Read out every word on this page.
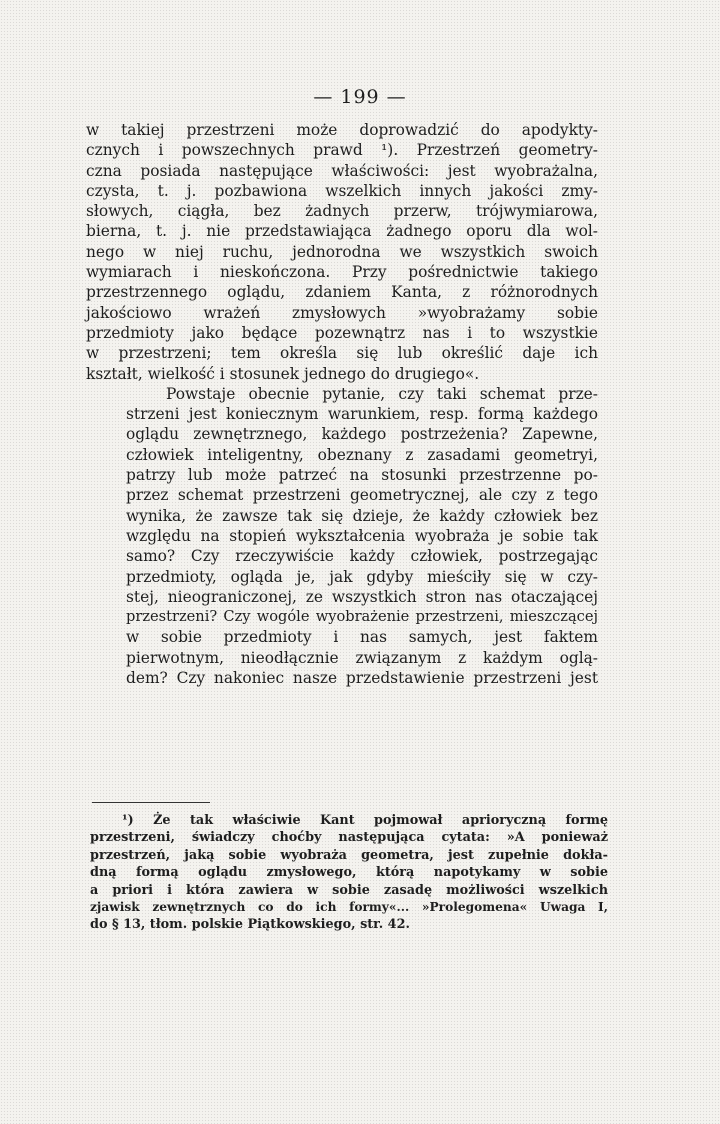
— 199 —

w takiej przestrzeni może doprowadzić do apodykty-
cznych i powszechnych prawd ¹). Przestrzeń geometry-
czna posiada następujące właściwości: jest wyobrażalna,
czysta, t. j. pozbawiona wszelkich innych jakości zmy-
słowych, ciągła, bez żadnych przerw, trójwymiarowa,
bierna, t. j. nie przedstawiająca żadnego oporu dla wol-
nego w niej ruchu, jednorodna we wszystkich swoich
wymiarach i nieskończona. Przy pośrednictwie takiego
przestrzennego oglądu, zdaniem Kanta, z różnorodnych
jakościowo wrażeń zmysłowych »wyobrażamy sobie
przedmioty jako będące pozewnątrz nas i to wszystkie
w przestrzeni; tem określa się lub określić daje ich
kształt, wielkość i stosunek jednego do drugiego«.

Powstaje obecnie pytanie, czy taki schemat prze-
strzeni jest koniecznym warunkiem, resp. formą każdego
oglądu zewnętrznego, każdego postrzeżenia? Zapewne,
człowiek inteligentny, obeznany z zasadami geometryi,
patrzy lub może patrzeć na stosunki przestrzenne po-
przez schemat przestrzeni geometrycznej, ale czy z tego
wynika, że zawsze tak się dzieje, że każdy człowiek bez
względu na stopień wykształcenia wyobraża je sobie tak
samo? Czy rzeczywiście każdy człowiek, postrzegając
przedmioty, ogląda je, jak gdyby mieściły się w czy-
stej, nieograniczonej, ze wszystkich stron nas otaczającej
przestrzeni? Czy wogóle wyobrażenie przestrzeni, mieszczącej
w sobie przedmioty i nas samych, jest faktem
pierwotnym, nieodłącznie związanym z każdym oglą-
dem? Czy nakoniec nasze przedstawienie przestrzeni jest

¹) Że tak właściwie Kant pojmował aprioryczną formę
przestrzeni, świadczy choćby następująca cytata: »A ponieważ
przestrzeń, jaką sobie wyobraża geometra, jest zupełnie dokła-
dną formą oglądu zmysłowego, którą napotykamy w sobie
a priori i która zawiera w sobie zasadę możliwości wszelkich
zjawisk zewnętrznych co do ich formy«... »Prolegomena« Uwaga I,
do § 13, tłom. polskie Piątkowskiego, str. 42.
